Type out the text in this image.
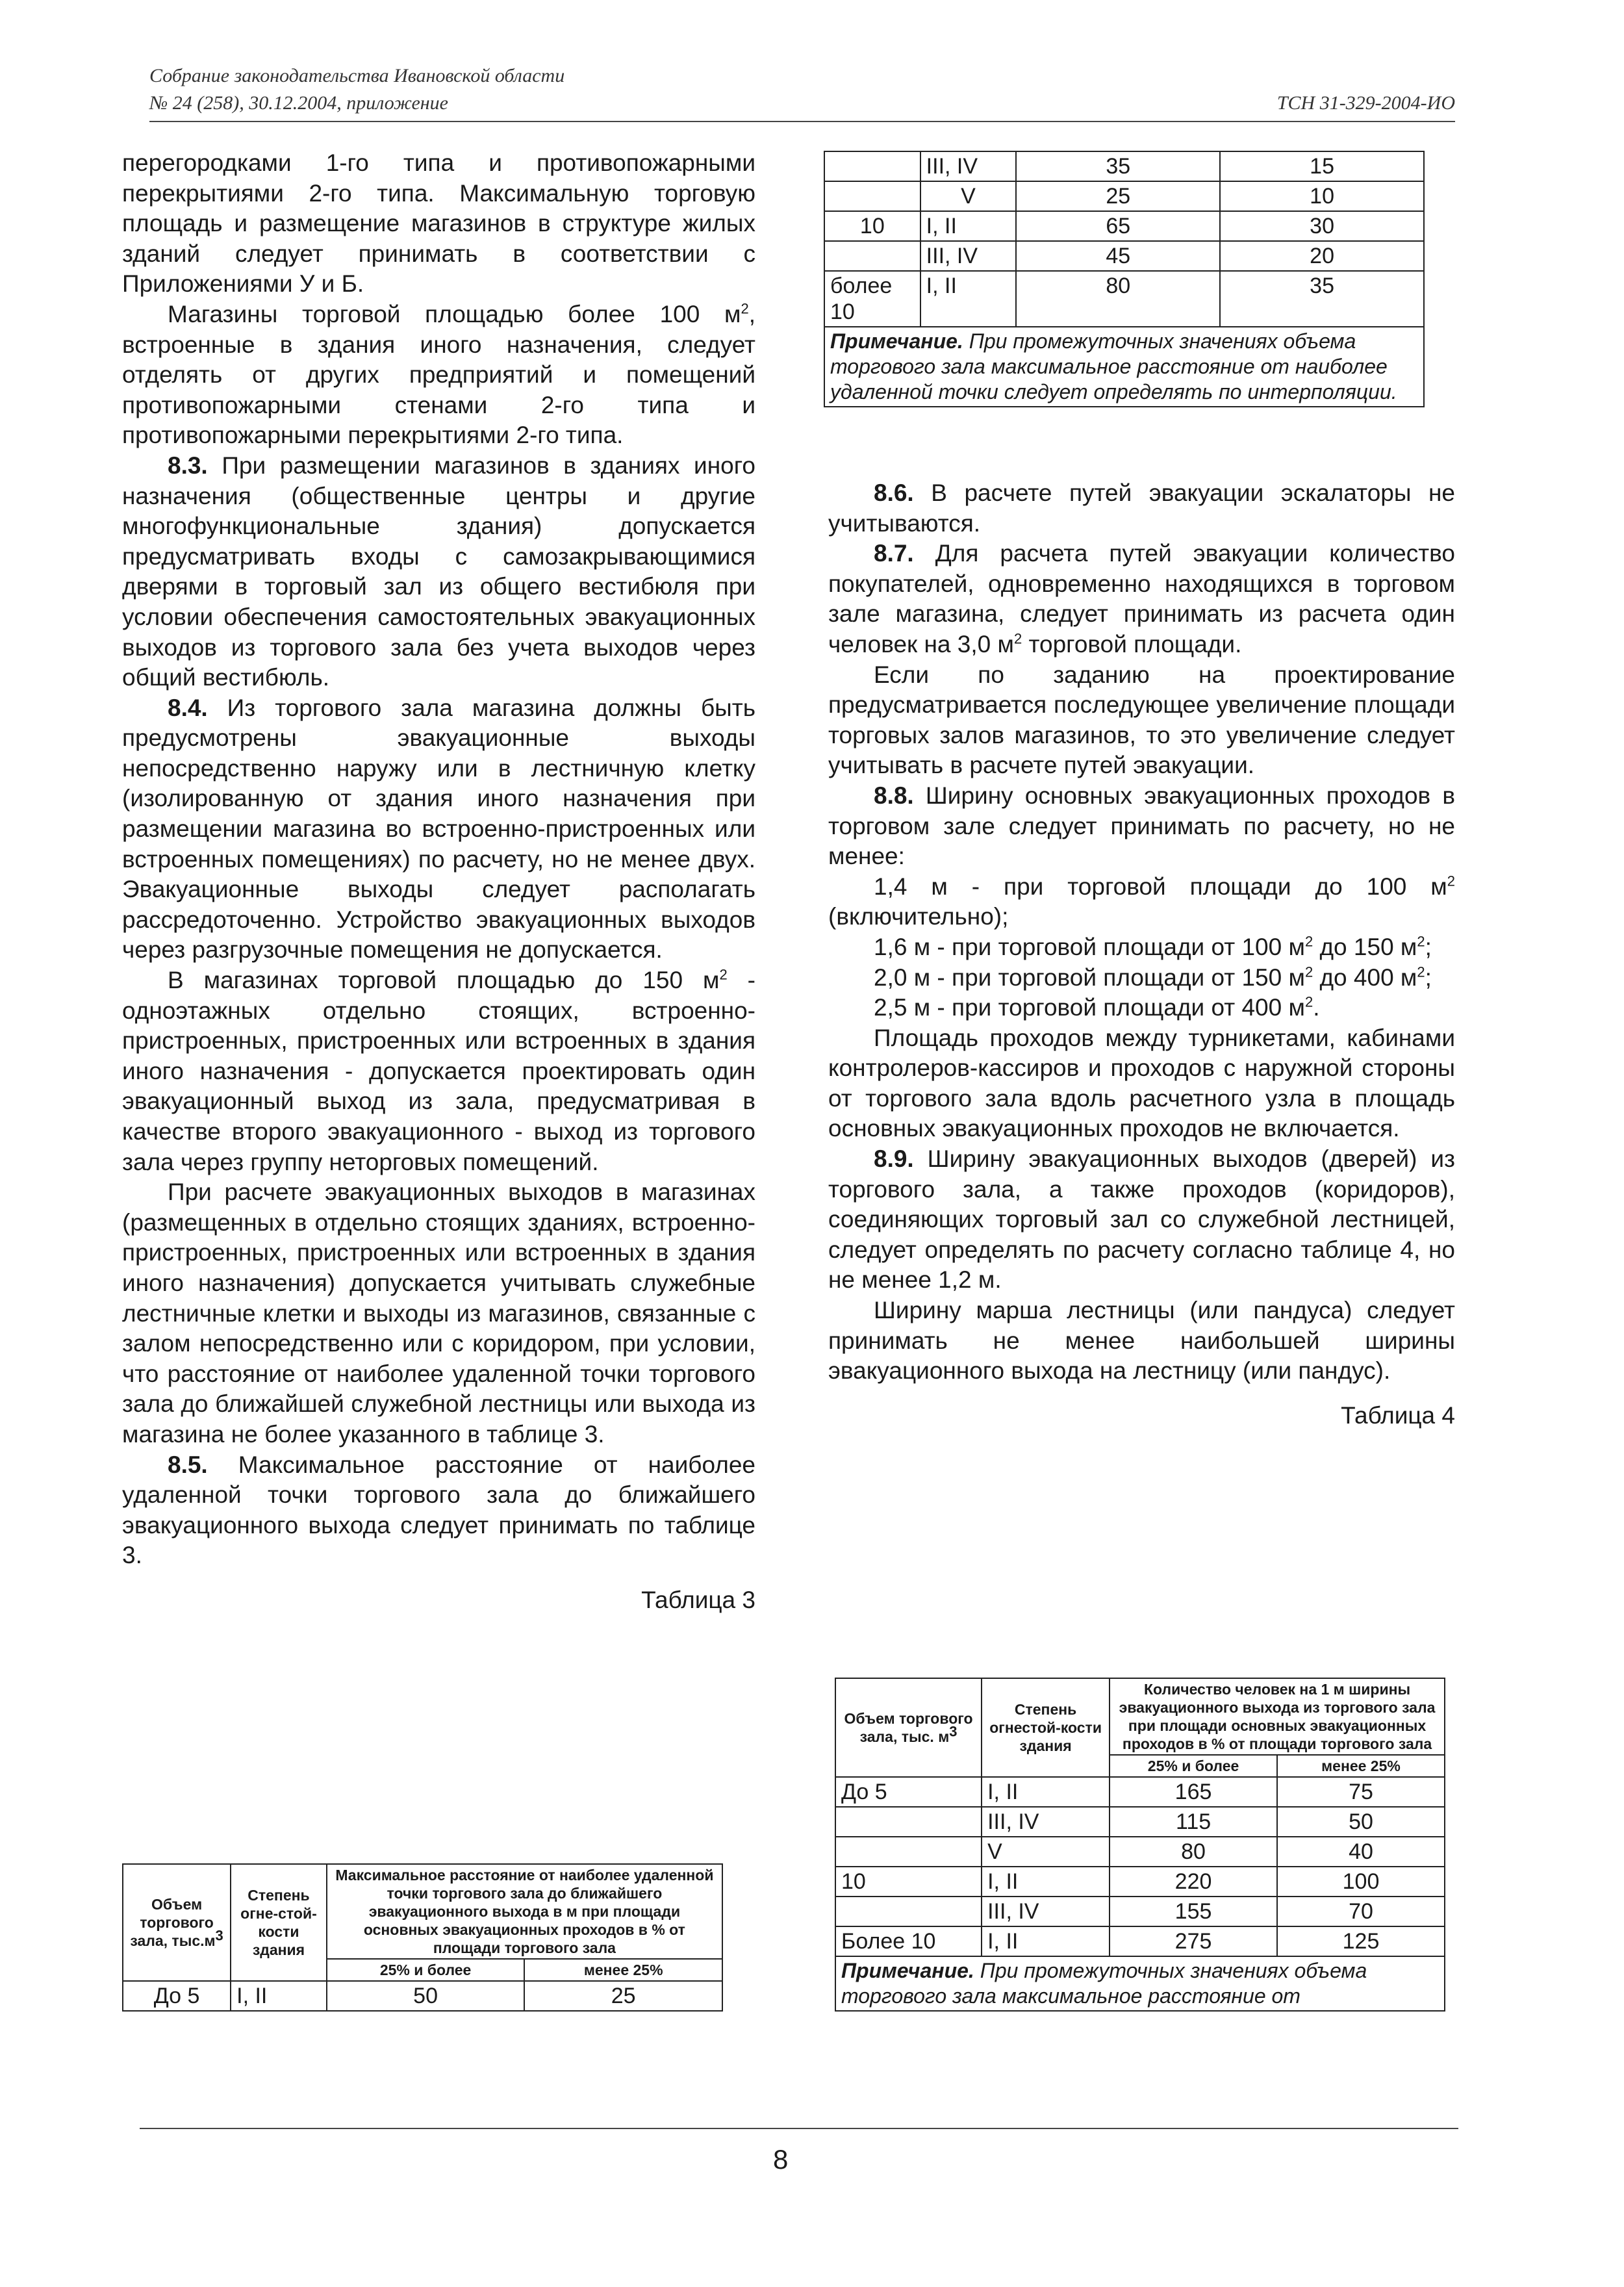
Собрание законодательства Ивановской области
№ 24 (258), 30.12.2004, приложение	ТСН 31-329-2004-ИО

перегородками 1-го типа и противопожарными перекрытиями 2-го типа. Максимальную торговую площадь и размещение магазинов в структуре жилых зданий следует принимать в соответствии с Приложениями У и Б.

Магазины торговой площадью более 100 $м^2$, встроенные в здания иного назначения, следует отделять от других предприятий и помещений противопожарными стенами 2-го типа и противопожарными перекрытиями 2-го типа.

8.3. При размещении магазинов в зданиях иного назначения (общественные центры и другие многофункциональные здания) допускается предусматривать входы с самозакрывающимися дверями в торговый зал из общего вестибюля при условии обеспечения самостоятельных эвакуационных выходов из торгового зала без учета выходов через общий вестибюль.

8.4. Из торгового зала магазина должны быть предусмотрены эвакуационные выходы непосредственно наружу или в лестничную клетку (изолированную от здания иного назначения при размещении магазина во встроенно-пристроенных или встроенных помещениях) по расчету, но не менее двух. Эвакуационные выходы следует располагать рассредоточенно. Устройство эвакуационных выходов через разгрузочные помещения не допускается.

В магазинах торговой площадью до 150 $м^2$ - одноэтажных отдельно стоящих, встроенно-пристроенных, пристроенных или встроенных в здания иного назначения - допускается проектировать один эвакуационный выход из зала, предусматривая в качестве второго эвакуационного - выход из торгового зала через группу неторговых помещений.

При расчете эвакуационных выходов в магазинах (размещенных в отдельно стоящих зданиях, встроенно-пристроенных, пристроенных или встроенных в здания иного назначения) допускается учитывать служебные лестничные клетки и выходы из магазинов, связанные с залом непосредственно или с коридором, при условии, что расстояние от наиболее удаленной точки торгового зала до ближайшей служебной лестницы или выхода из магазина не более указанного в таблице 3.

8.5. Максимальное расстояние от наиболее удаленной точки торгового зала до ближайшего эвакуационного выхода следует принимать по таблице 3.

Таблица 3
Объем торгового зала, $тыс.м^3$	Степень огне-стой-кости здания	Максимальное расстояние от наиболее удаленной точки торгового зала до ближайшего эвакуационного выхода в м при площади основных эвакуационных проходов в % от площади торгового зала	
		25% и более	менее 25%
До 5	I, II	50	25
	III, IV	35	15
	V	25	10
10	I, II	65	30
	III, IV	45	20
более 10	I, II	80	35
Примечание. При промежуточных значениях объема торгового зала максимальное расстояние от наиболее удаленной точки следует определять по интерполяции.			

8.6. В расчете путей эвакуации эскалаторы не учитываются.

8.7. Для расчета путей эвакуации количество покупателей, одновременно находящихся в торговом зале магазина, следует принимать из расчета один человек на 3,0 $м^2$ торговой площади.

Если по заданию на проектирование предусматривается последующее увеличение площади торговых залов магазинов, то это увеличение следует учитывать в расчете путей эвакуации.

8.8. Ширину основных эвакуационных проходов в торговом зале следует принимать по расчету, но не менее:

1,4 м - при торговой площади до 100 $м^2$ (включительно);

1,6 м - при торговой площади от 100 $м^2$ до 150 $м^2$;

2,0 м - при торговой площади от 150 $м^2$ до 400 $м^2$;

2,5 м - при торговой площади от 400 $м^2$.

Площадь проходов между турникетами, кабинами контролеров-кассиров и проходов с наружной стороны от торгового зала вдоль расчетного узла в площадь основных эвакуационных проходов не включается.

8.9. Ширину эвакуационных выходов (дверей) из торгового зала, а также проходов (коридоров), соединяющих торговый зал со служебной лестницей, следует определять по расчету согласно таблице 4, но не менее 1,2 м.

Ширину марша лестницы (или пандуса) следует принимать не менее наибольшей ширины эвакуационного выхода на лестницу (или пандус).

Таблица 4
Объем торгового зала, тыс. $м^3$	Степень огнестой-кости здания	Количество человек на 1 м ширины эвакуационного выхода из торгового зала при площади основных эвакуационных проходов в % от площади торгового зала	
		25% и более	менее 25%
До 5	I, II	165	75
	III, IV	115	50
	V	80	40
10	I, II	220	100
	III, IV	155	70
Более 10	I, II	275	125
Примечание. При промежуточных значениях объема торгового зала максимальное расстояние от			
8
